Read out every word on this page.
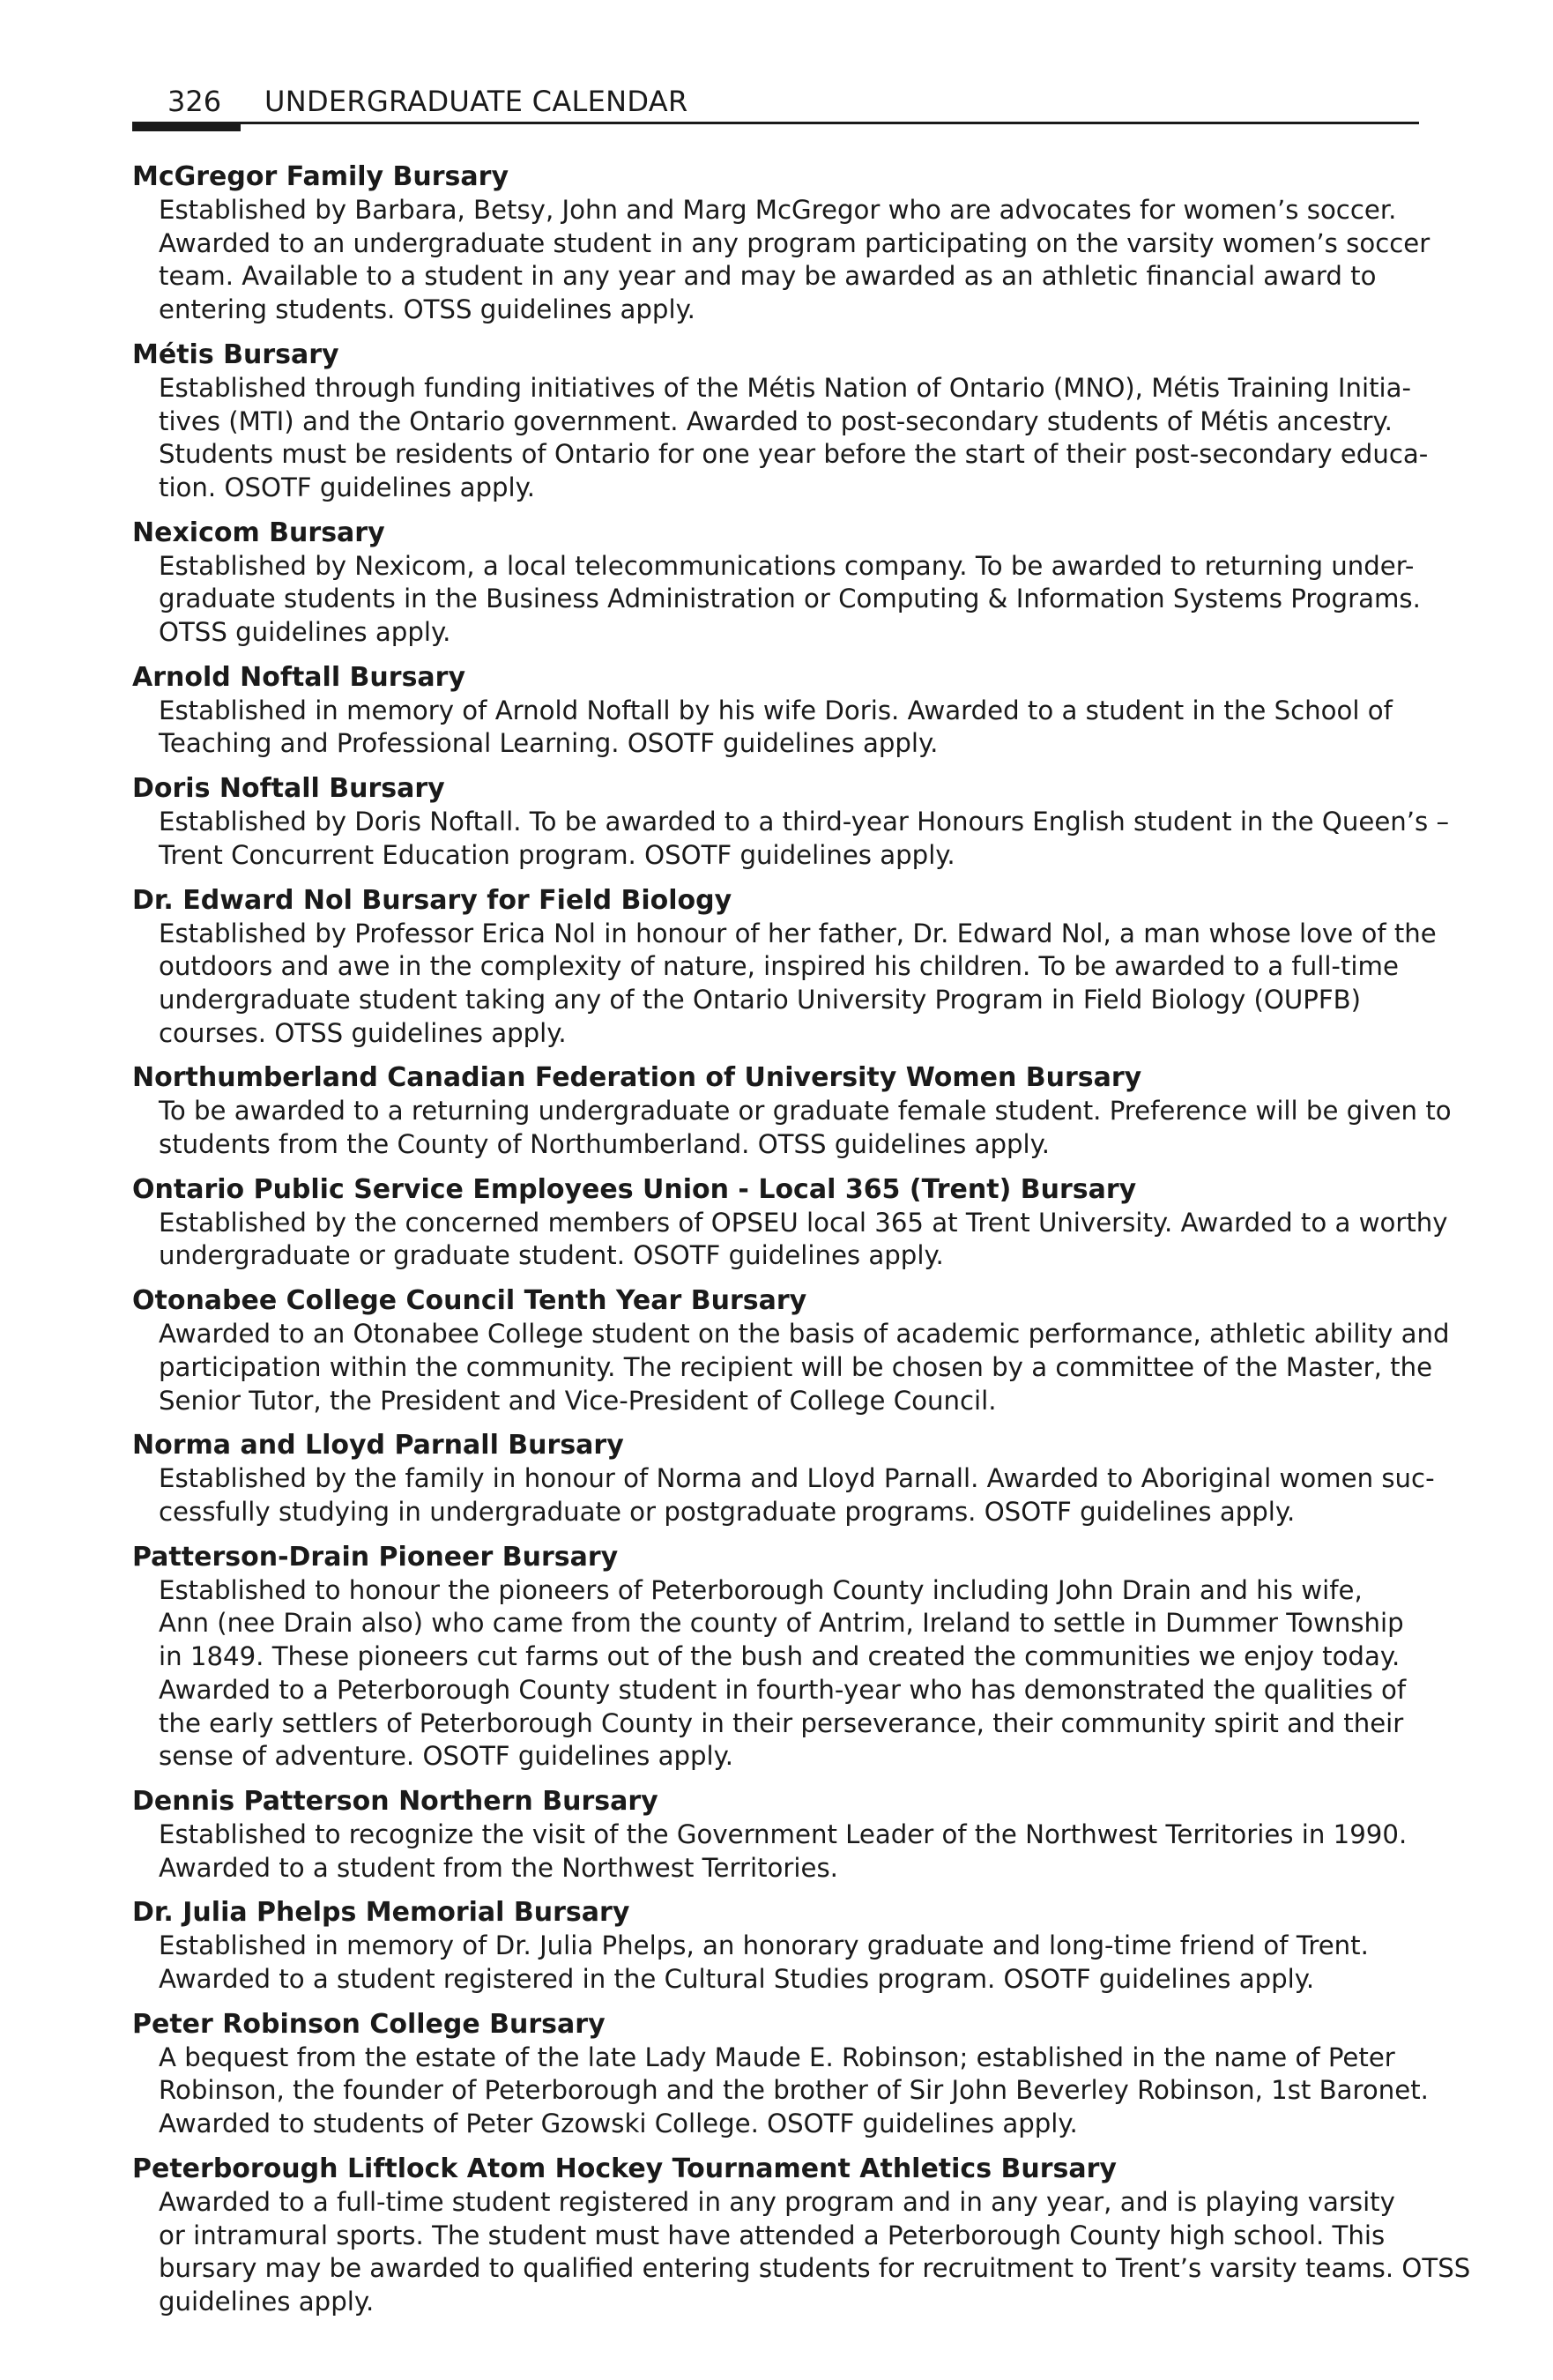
326 UNDERGRADUATE CALENDAR
McGregor Family Bursary
Established by Barbara, Betsy, John and Marg McGregor who are advocates for women’s soccer.
Awarded to an undergraduate student in any program participating on the varsity women’s soccer
team. Available to a student in any year and may be awarded as an athletic financial award to
entering students. OTSS guidelines apply.
Métis Bursary
Established through funding initiatives of the Métis Nation of Ontario (MNO), Métis Training Initia-
tives (MTI) and the Ontario government. Awarded to post-secondary students of Métis ancestry.
Students must be residents of Ontario for one year before the start of their post-secondary educa-
tion. OSOTF guidelines apply.
Nexicom Bursary
Established by Nexicom, a local telecommunications company. To be awarded to returning under-
graduate students in the Business Administration or Computing & Information Systems Programs.
OTSS guidelines apply.
Arnold Noftall Bursary
Established in memory of Arnold Noftall by his wife Doris. Awarded to a student in the School of
Teaching and Professional Learning. OSOTF guidelines apply.
Doris Noftall Bursary
Established by Doris Noftall. To be awarded to a third-year Honours English student in the Queen’s –
Trent Concurrent Education program. OSOTF guidelines apply.
Dr. Edward Nol Bursary for Field Biology
Established by Professor Erica Nol in honour of her father, Dr. Edward Nol, a man whose love of the
outdoors and awe in the complexity of nature, inspired his children. To be awarded to a full-time
undergraduate student taking any of the Ontario University Program in Field Biology (OUPFB)
courses. OTSS guidelines apply.
Northumberland Canadian Federation of University Women Bursary
To be awarded to a returning undergraduate or graduate female student. Preference will be given to
students from the County of Northumberland. OTSS guidelines apply.
Ontario Public Service Employees Union - Local 365 (Trent) Bursary
Established by the concerned members of OPSEU local 365 at Trent University. Awarded to a worthy
undergraduate or graduate student. OSOTF guidelines apply.
Otonabee College Council Tenth Year Bursary
Awarded to an Otonabee College student on the basis of academic performance, athletic ability and
participation within the community. The recipient will be chosen by a committee of the Master, the
Senior Tutor, the President and Vice-President of College Council.
Norma and Lloyd Parnall Bursary
Established by the family in honour of Norma and Lloyd Parnall. Awarded to Aboriginal women suc-
cessfully studying in undergraduate or postgraduate programs. OSOTF guidelines apply.
Patterson-Drain Pioneer Bursary
Established to honour the pioneers of Peterborough County including John Drain and his wife,
Ann (nee Drain also) who came from the county of Antrim, Ireland to settle in Dummer Township
in 1849. These pioneers cut farms out of the bush and created the communities we enjoy today.
Awarded to a Peterborough County student in fourth-year who has demonstrated the qualities of
the early settlers of Peterborough County in their perseverance, their community spirit and their
sense of adventure. OSOTF guidelines apply.
Dennis Patterson Northern Bursary
Established to recognize the visit of the Government Leader of the Northwest Territories in 1990.
Awarded to a student from the Northwest Territories.
Dr. Julia Phelps Memorial Bursary
Established in memory of Dr. Julia Phelps, an honorary graduate and long-time friend of Trent.
Awarded to a student registered in the Cultural Studies program. OSOTF guidelines apply.
Peter Robinson College Bursary
A bequest from the estate of the late Lady Maude E. Robinson; established in the name of Peter
Robinson, the founder of Peterborough and the brother of Sir John Beverley Robinson, 1st Baronet.
Awarded to students of Peter Gzowski College. OSOTF guidelines apply.
Peterborough Liftlock Atom Hockey Tournament Athletics Bursary
Awarded to a full-time student registered in any program and in any year, and is playing varsity
or intramural sports. The student must have attended a Peterborough County high school. This
bursary may be awarded to qualified entering students for recruitment to Trent’s varsity teams. OTSS
guidelines apply.
